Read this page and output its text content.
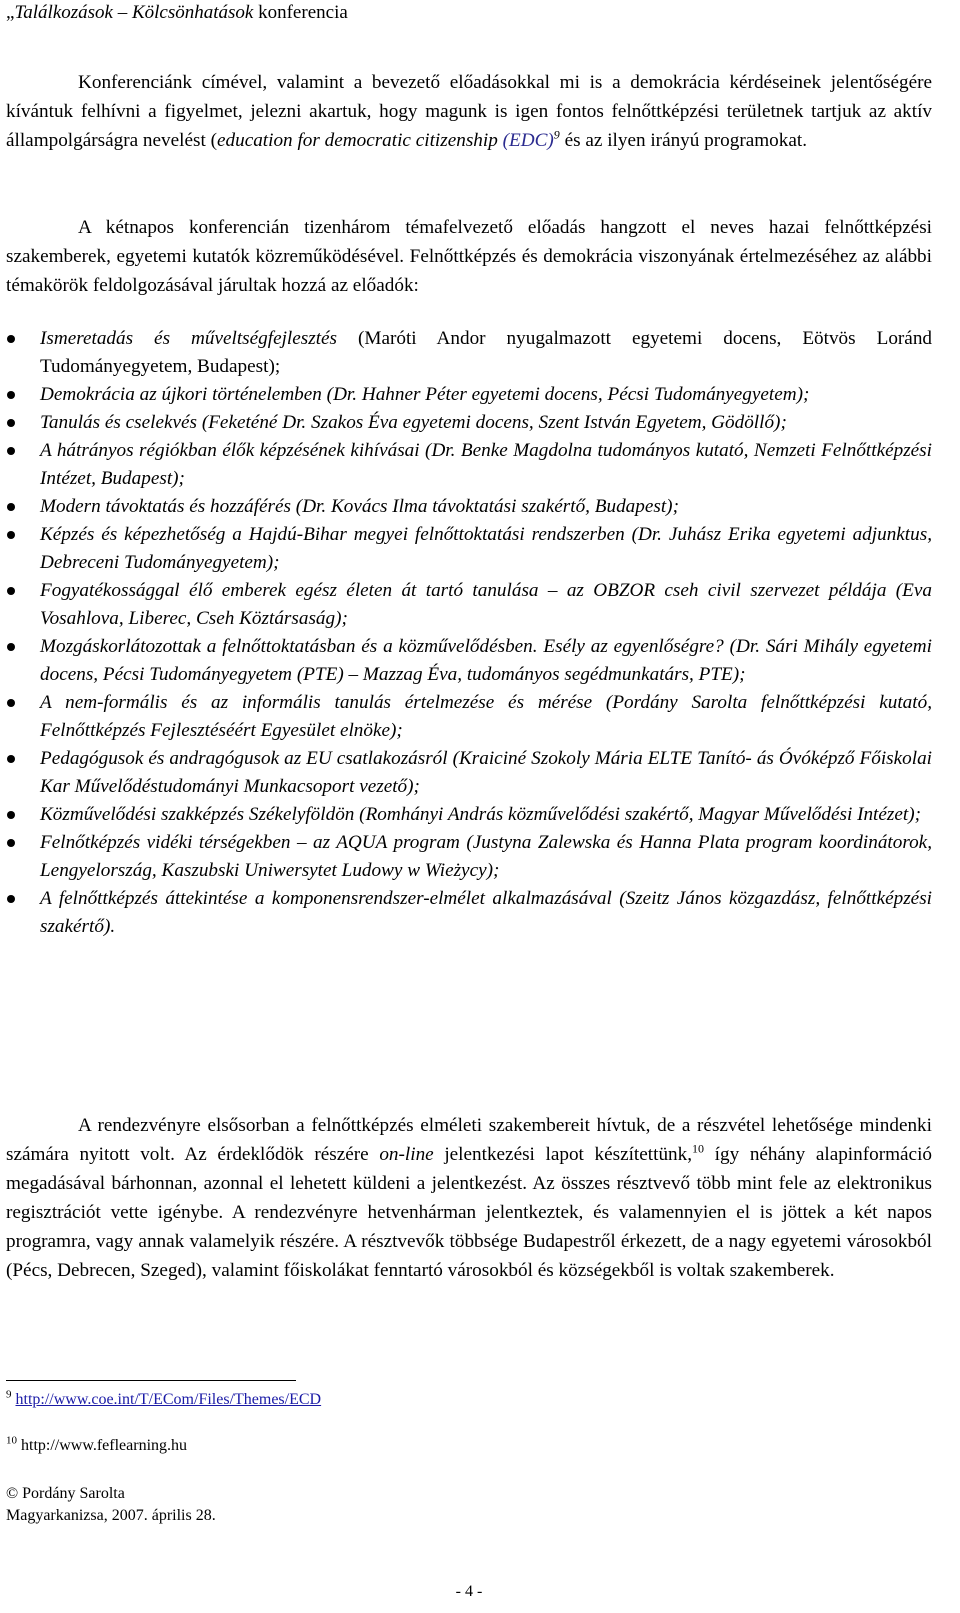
„Találkozások – Kölcsönhatások konferencia

Konferenciánk címével, valamint a bevezető előadásokkal mi is a demokrácia kérdéseinek jelentőségére kívántuk felhívni a figyelmet, jelezni akartuk, hogy magunk is igen fontos felnőttképzési területnek tartjuk az aktív állampolgárságra nevelést (education for democratic citizenship (EDC)$^9$ és az ilyen irányú programokat.

A kétnapos konferencián tizenhárom témafelvezető előadás hangzott el neves hazai felnőttképzési szakemberek, egyetemi kutatók közreműködésével. Felnőttképzés és demokrácia viszonyának értelmezéséhez az alábbi témakörök feldolgozásával járultak hozzá az előadók:

Ismeretadás és műveltségfejlesztés (Maróti Andor nyugalmazott egyetemi docens, Eötvös Loránd Tudományegyetem, Budapest);
Demokrácia az újkori történelemben (Dr. Hahner Péter egyetemi docens, Pécsi Tudományegyetem);
Tanulás és cselekvés (Feketéné Dr. Szakos Éva egyetemi docens, Szent István Egyetem, Gödöllő);
A hátrányos régiókban élők képzésének kihívásai (Dr. Benke Magdolna tudományos kutató, Nemzeti Felnőttképzési Intézet, Budapest);
Modern távoktatás és hozzáférés (Dr. Kovács Ilma távoktatási szakértő, Budapest);
Képzés és képezhetőség a Hajdú-Bihar megyei felnőttoktatási rendszerben (Dr. Juhász Erika egyetemi adjunktus, Debreceni Tudományegyetem);
Fogyatékossággal élő emberek egész életen át tartó tanulása – az OBZOR cseh civil szervezet példája (Eva Vosahlova, Liberec, Cseh Köztársaság);
Mozgáskorlátozottak a felnőttoktatásban és a közművelődésben. Esély az egyenlőségre? (Dr. Sári Mihály egyetemi docens, Pécsi Tudományegyetem (PTE) – Mazzag Éva, tudományos segédmunkatárs, PTE);
A nem-formális és az informális tanulás értelmezése és mérése (Pordány Sarolta felnőttképzési kutató, Felnőttképzés Fejlesztéséért Egyesület elnöke);
Pedagógusok és andragógusok az EU csatlakozásról (Kraiciné Szokoly Mária ELTE Tanító- ás Óvóképző Főiskolai Kar Művelődéstudományi Munkacsoport vezető);
Közművelődési szakképzés Székelyföldön (Romhányi András közművelődési szakértő, Magyar Művelődési Intézet);
Felnőtképzés vidéki térségekben – az AQUA program (Justyna Zalewska és Hanna Plata program koordinátorok, Lengyelország, Kaszubski Uniwersytet Ludowy w Wieżycy);
A felnőttképzés áttekintése a komponensrendszer-elmélet alkalmazásával (Szeitz János közgazdász, felnőttképzési szakértő).

A rendezvényre elsősorban a felnőttképzés elméleti szakembereit hívtuk, de a részvétel lehetősége mindenki számára nyitott volt. Az érdeklődök részére on-line jelentkezési lapot készítettünk,$^{10}$ így néhány alapinformáció megadásával bárhonnan, azonnal el lehetett küldeni a jelentkezést. Az összes résztvevő több mint fele az elektronikus regisztrációt vette igénybe. A rendezvényre hetvenhárman jelentkeztek, és valamennyien el is jöttek a két napos programra, vagy annak valamelyik részére. A résztvevők többsége Budapestről érkezett, de a nagy egyetemi városokból (Pécs, Debrecen, Szeged), valamint főiskolákat fenntartó városokból és községekből is voltak szakemberek.

$^9$ http://www.coe.int/T/ECom/Files/Themes/ECD
$^{10}$ http://www.feflearning.hu
© Pordány Sarolta
Magyarkanizsa, 2007. április 28.
- 4 -
